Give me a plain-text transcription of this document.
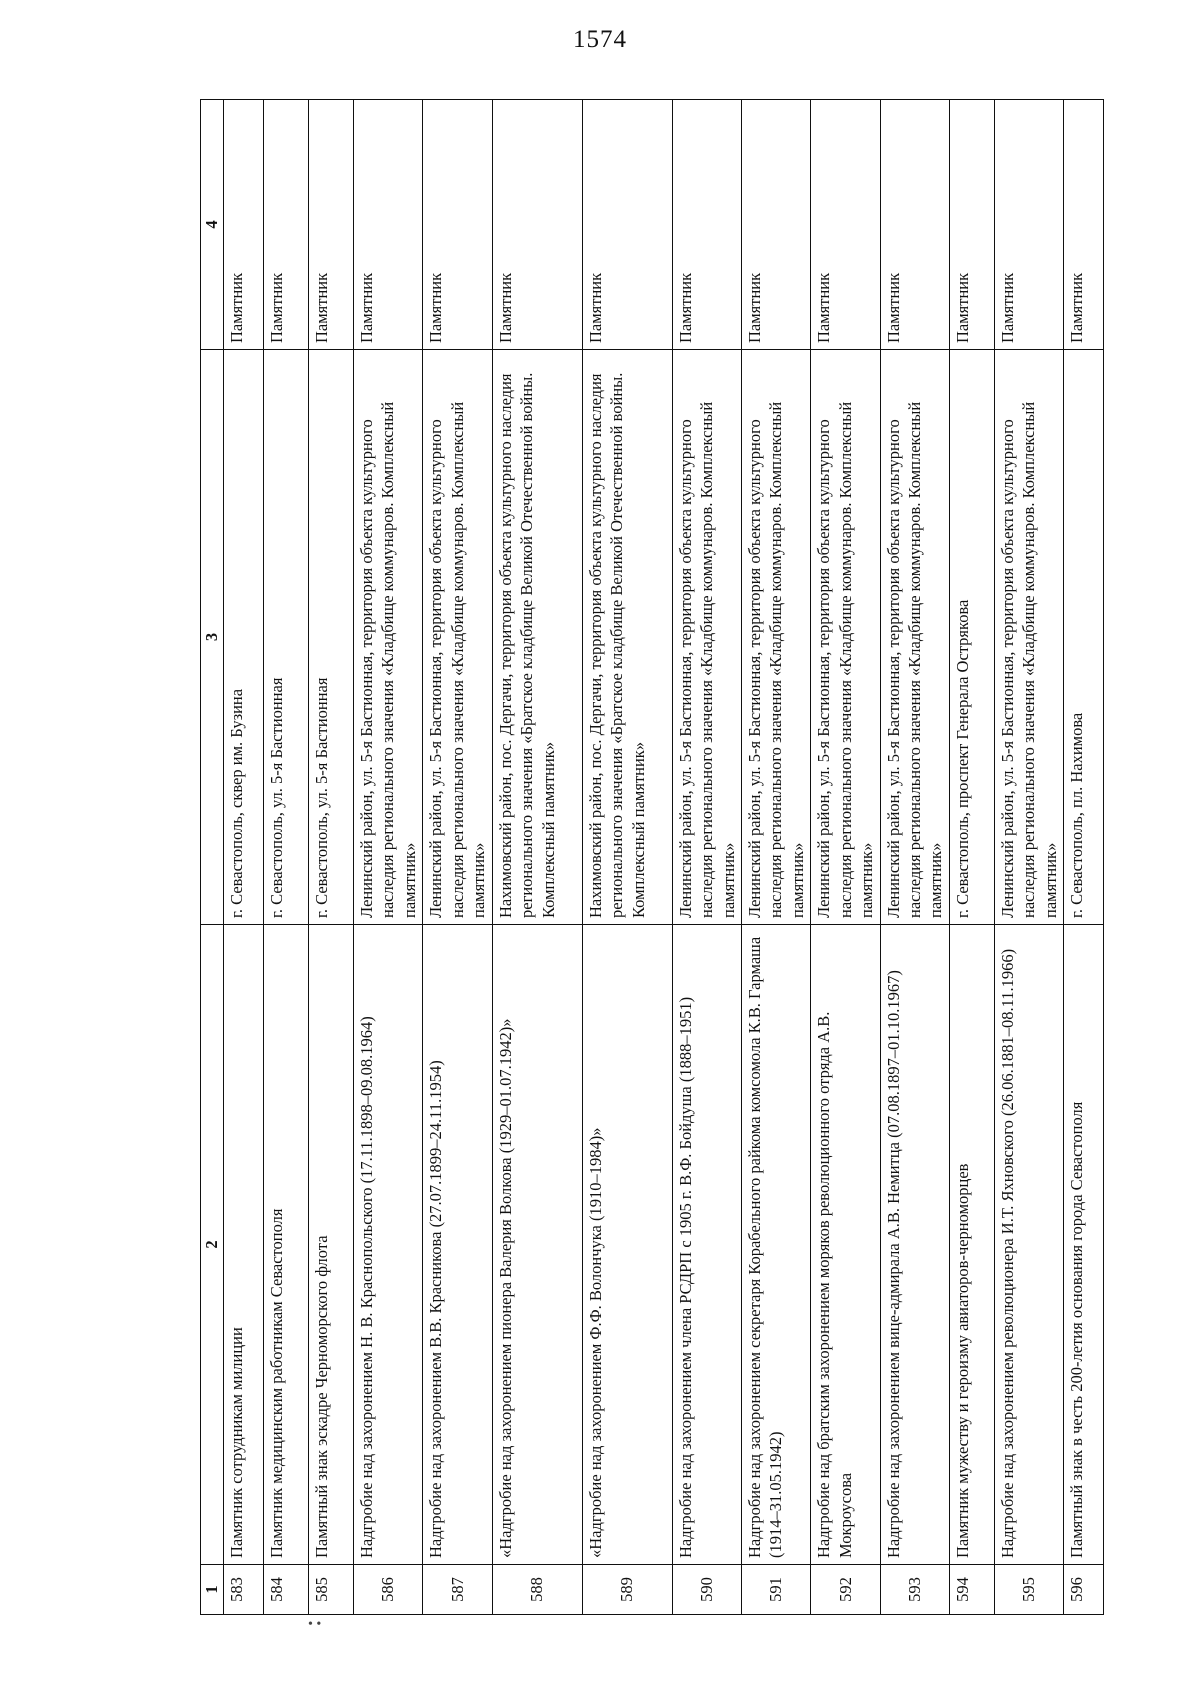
1574
1	2	3	4
583	Памятник сотрудникам милиции	г. Севастополь, сквер им. Бузина	Памятник
584	Памятник медицинским работникам Севастополя	г. Севастополь, ул. 5-я Бастионная	Памятник
585	Памятный знак эскадре Черноморского флота	г. Севастополь, ул. 5-я Бастионная	Памятник
586	Надгробие над захоронением Н. В. Краснопольского (17.11.1898–09.08.1964)	Ленинский район, ул. 5-я Бастионная, территория объекта культурного наследия регионального значения «Кладбище коммунаров. Комплексный памятник»	Памятник
587	Надгробие над захоронением В.В. Красникова (27.07.1899–24.11.1954)	Ленинский район, ул. 5-я Бастионная, территория объекта культурного наследия регионального значения «Кладбище коммунаров. Комплексный памятник»	Памятник
588	«Надгробие над захоронением пионера Валерия Волкова (1929–01.07.1942)»	Нахимовский район, пос. Дергачи, территория объекта культурного наследия регионального значения «Братское кладбище Великой Отечественной войны. Комплексный памятник»	Памятник
589	«Надгробие над захоронением Ф.Ф. Волончука (1910–1984)»	Нахимовский район, пос. Дергачи, территория объекта культурного наследия регионального значения «Братское кладбище Великой Отечественной войны. Комплексный памятник»	Памятник
590	Надгробие над захоронением члена РСДРП с 1905 г. В.Ф. Бойдуша (1888–1951)	Ленинский район, ул. 5-я Бастионная, территория объекта культурного наследия регионального значения «Кладбище коммунаров. Комплексный памятник»	Памятник
591	Надгробие над захоронением секретаря Корабельного райкома комсомола К.В. Гармаша (1914–31.05.1942)	Ленинский район, ул. 5-я Бастионная, территория объекта культурного наследия регионального значения «Кладбище коммунаров. Комплексный памятник»	Памятник
592	Надгробие над братским захоронением моряков революционного отряда А.В. Мокроусова	Ленинский район, ул. 5-я Бастионная, территория объекта культурного наследия регионального значения «Кладбище коммунаров. Комплексный памятник»	Памятник
593	Надгробие над захоронением вице-адмирала А.В. Немитца (07.08.1897–01.10.1967)	Ленинский район, ул. 5-я Бастионная, территория объекта культурного наследия регионального значения «Кладбище коммунаров. Комплексный памятник»	Памятник
594	Памятник мужеству и героизму авиаторов-черноморцев	г. Севастополь, проспект Генерала Острякова	Памятник
595	Надгробие над захоронением революционера И.Т. Яхновского (26.06.1881–08.11.1966)	Ленинский район, ул. 5-я Бастионная, территория объекта культурного наследия регионального значения «Кладбище коммунаров. Комплексный памятник»	Памятник
596	Памятный знак в честь 200-летия основания города Севастополя	г. Севастополь, пл. Нахимова	Памятник
• •
